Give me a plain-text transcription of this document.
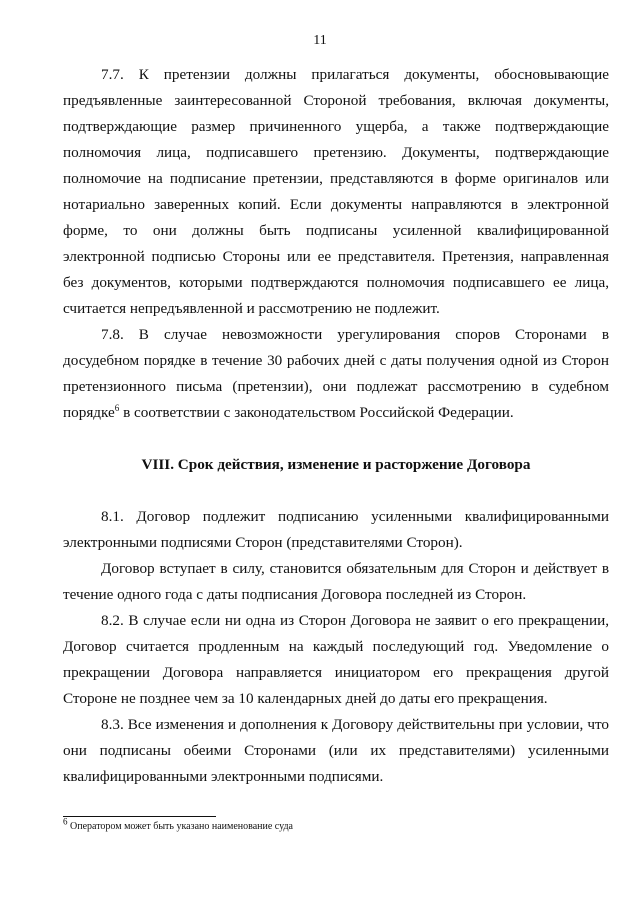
11

7.7. К претензии должны прилагаться документы, обосновывающие предъявленные заинтересованной Стороной требования, включая документы, подтверждающие размер причиненного ущерба, а также подтверждающие полномочия лица, подписавшего претензию. Документы, подтверждающие полномочие на подписание претензии, представляются в форме оригиналов или нотариально заверенных копий. Если документы направляются в электронной форме, то они должны быть подписаны усиленной квалифицированной электронной подписью Стороны или ее представителя. Претензия, направленная без документов, которыми подтверждаются полномочия подписавшего ее лица, считается непредъявленной и рассмотрению не подлежит.

7.8. В случае невозможности урегулирования споров Сторонами в досудебном порядке в течение 30 рабочих дней с даты получения одной из Сторон претензионного письма (претензии), они подлежат рассмотрению в судебном порядке$^6$ в соответствии с законодательством Российской Федерации.

VIII. Срок действия, изменение и расторжение Договора

8.1. Договор подлежит подписанию усиленными квалифицированными электронными подписями Сторон (представителями Сторон).

Договор вступает в силу, становится обязательным для Сторон и действует в течение одного года с даты подписания Договора последней из Сторон.

8.2. В случае если ни одна из Сторон Договора не заявит о его прекращении, Договор считается продленным на каждый последующий год. Уведомление о прекращении Договора направляется инициатором его прекращения другой Стороне не позднее чем за 10 календарных дней до даты его прекращения.

8.3. Все изменения и дополнения к Договору действительны при условии, что они подписаны обеими Сторонами (или их представителями) усиленными квалифицированными электронными подписями.

$^6$ Оператором может быть указано наименование суда
